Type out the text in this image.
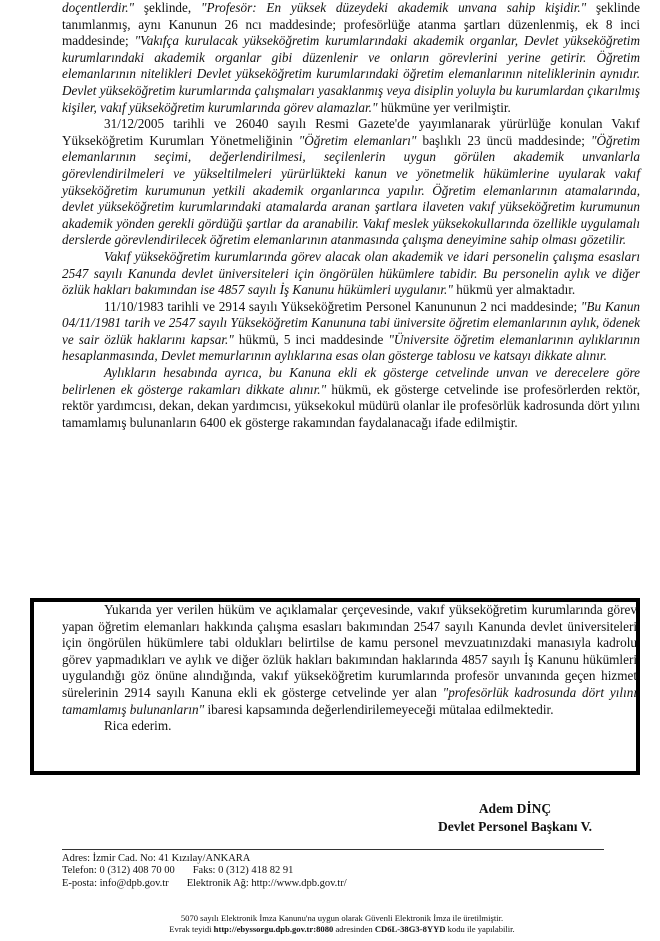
doçentlerdir." şeklinde, "Profesör: En yüksek düzeydeki akademik unvana sahip kişidir." şeklinde tanımlanmış, aynı Kanunun 26 ncı maddesinde; profesörlüğe atanma şartları düzenlenmiş, ek 8 inci maddesinde; "Vakıfça kurulacak yükseköğretim kurumlarındaki akademik organlar, Devlet yükseköğretim kurumlarındaki akademik organlar gibi düzenlenir ve onların görevlerini yerine getirir. Öğretim elemanlarının nitelikleri Devlet yükseköğretim kurumlarındaki öğretim elemanlarının niteliklerinin aynıdır. Devlet yükseköğretim kurumlarında çalışmaları yasaklanmış veya disiplin yoluyla bu kurumlardan çıkarılmış kişiler, vakıf yükseköğretim kurumlarında görev alamazlar." hükmüne yer verilmiştir.

31/12/2005 tarihli ve 26040 sayılı Resmi Gazete'de yayımlanarak yürürlüğe konulan Vakıf Yükseköğretim Kurumları Yönetmeliğinin "Öğretim elemanları" başlıklı 23 üncü maddesinde; "Öğretim elemanlarının seçimi, değerlendirilmesi, seçilenlerin uygun görülen akademik unvanlarla görevlendirilmeleri ve yükseltilmeleri yürürlükteki kanun ve yönetmelik hükümlerine uyularak vakıf yükseköğretim kurumunun yetkili akademik organlarınca yapılır. Öğretim elemanlarının atamalarında, devlet yükseköğretim kurumlarındaki atamalarda aranan şartlara ilaveten vakıf yükseköğretim kurumunun akademik yönden gerekli gördüğü şartlar da aranabilir. Vakıf meslek yüksekokullarında özellikle uygulamalı derslerde görevlendirilecek öğretim elemanlarının atanmasında çalışma deneyimine sahip olması gözetilir.

Vakıf yükseköğretim kurumlarında görev alacak olan akademik ve idari personelin çalışma esasları 2547 sayılı Kanunda devlet üniversiteleri için öngörülen hükümlere tabidir. Bu personelin aylık ve diğer özlük hakları bakımından ise 4857 sayılı İş Kanunu hükümleri uygulanır." hükmü yer almaktadır.

11/10/1983 tarihli ve 2914 sayılı Yükseköğretim Personel Kanununun 2 nci maddesinde; "Bu Kanun 04/11/1981 tarih ve 2547 sayılı Yükseköğretim Kanununa tabi üniversite öğretim elemanlarının aylık, ödenek ve sair özlük haklarını kapsar." hükmü, 5 inci maddesinde "Üniversite öğretim elemanlarının aylıklarının hesaplanmasında, Devlet memurlarının aylıklarına esas olan gösterge tablosu ve katsayı dikkate alınır.

Aylıkların hesabında ayrıca, bu Kanuna ekli ek gösterge cetvelinde unvan ve derecelere göre belirlenen ek gösterge rakamları dikkate alınır." hükmü, ek gösterge cetvelinde ise profesörlerden rektör, rektör yardımcısı, dekan, dekan yardımcısı, yüksekokul müdürü olanlar ile profesörlük kadrosunda dört yılını tamamlamış bulunanların 6400 ek gösterge rakamından faydalanacağı ifade edilmiştir.

Yukarıda yer verilen hüküm ve açıklamalar çerçevesinde, vakıf yükseköğretim kurumlarında görev yapan öğretim elemanları hakkında çalışma esasları bakımından 2547 sayılı Kanunda devlet üniversiteleri için öngörülen hükümlere tabi oldukları belirtilse de kamu personel mevzuatınızdaki manasıyla kadrolu görev yapmadıkları ve aylık ve diğer özlük hakları bakımından haklarında 4857 sayılı İş Kanunu hükümleri uygulandığı göz önüne alındığında, vakıf yükseköğretim kurumlarında profesör unvanında geçen hizmet sürelerinin 2914 sayılı Kanuna ekli ek gösterge cetvelinde yer alan "profesörlük kadrosunda dört yılını tamamlamış bulunanların" ibaresi kapsamında değerlendirilemeyeceği mütalaa edilmektedir.

Rica ederim.

Adem DİNÇ
Devlet Personel Başkanı V.
Adres: İzmir Cad. No: 41 Kızılay/ANKARA
Telefon: 0 (312) 408 70 00 Faks: 0 (312) 418 82 91
E-posta: info@dpb.gov.tr Elektronik Ağ: http://www.dpb.gov.tr/
5070 sayılı Elektronik İmza Kanunu'na uygun olarak Güvenli Elektronik İmza ile üretilmiştir.
Evrak teyidi http://ebyssorgu.dpb.gov.tr:8080 adresinden CD6L-38G3-8YYD kodu ile yapılabilir.
